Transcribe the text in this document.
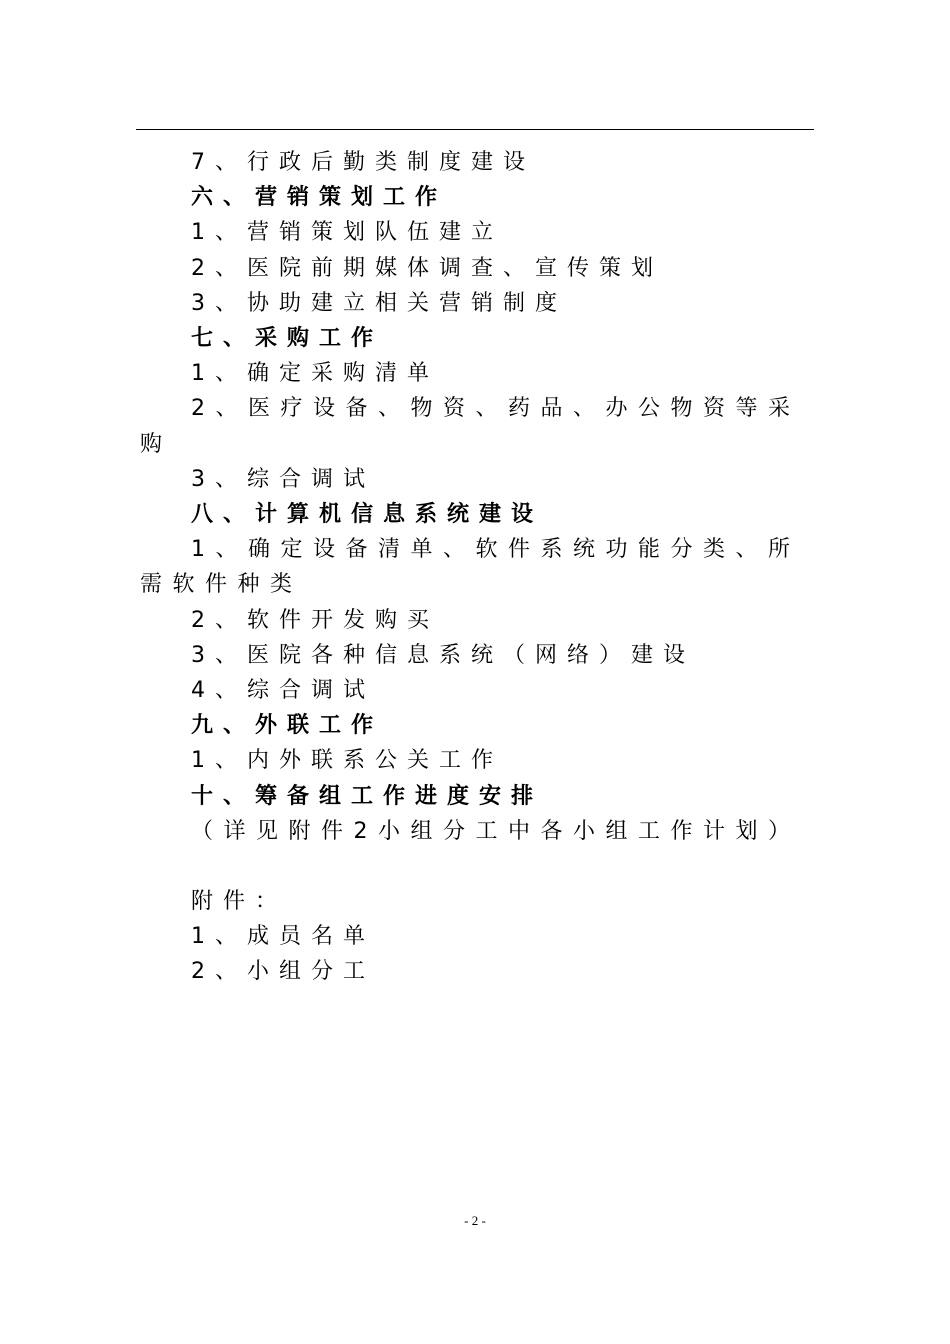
7、行政后勤类制度建设

六、营销策划工作

1、营销策划队伍建立

2、医院前期媒体调查、宣传策划

3、协助建立相关营销制度

七、采购工作

1、确定采购清单

2、医疗设备、物资、药品、办公物资等采购

3、综合调试

八、计算机信息系统建设

1、确定设备清单、软件系统功能分类、所需软件种类

2、软件开发购买

3、医院各种信息系统（网络）建设

4、综合调试

九、外联工作

1、内外联系公关工作

十、筹备组工作进度安排

（详见附件2小组分工中各小组工作计划）

附件：

1、成员名单

2、小组分工

- 2 -
